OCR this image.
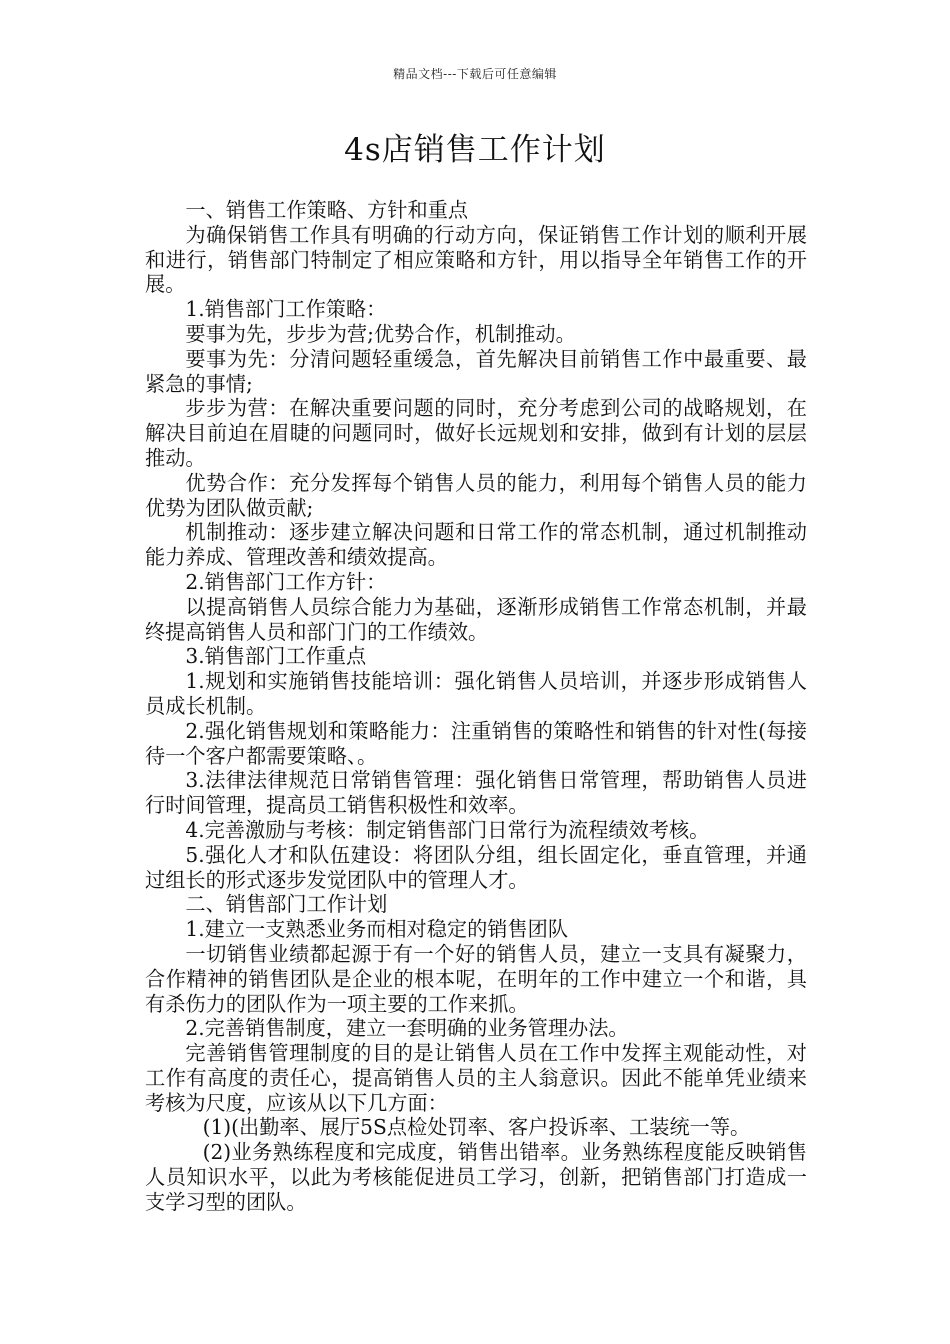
精品文档---下载后可任意编辑
4s店销售工作计划

一、销售工作策略、方针和重点

为确保销售工作具有明确的行动方向，保证销售工作计划的顺利开展和进行，销售部门特制定了相应策略和方针，用以指导全年销售工作的开展。

1.销售部门工作策略：

要事为先，步步为营;优势合作，机制推动。

要事为先：分清问题轻重缓急，首先解决目前销售工作中最重要、最紧急的事情;

步步为营：在解决重要问题的同时，充分考虑到公司的战略规划，在解决目前迫在眉睫的问题同时，做好长远规划和安排，做到有计划的层层推动。

优势合作：充分发挥每个销售人员的能力，利用每个销售人员的能力优势为团队做贡献;

机制推动：逐步建立解决问题和日常工作的常态机制，通过机制推动能力养成、管理改善和绩效提高。

2.销售部门工作方针：

以提高销售人员综合能力为基础，逐渐形成销售工作常态机制，并最终提高销售人员和部门门的工作绩效。

3.销售部门工作重点

1.规划和实施销售技能培训：强化销售人员培训，并逐步形成销售人员成长机制。

2.强化销售规划和策略能力：注重销售的策略性和销售的针对性(每接待一个客户都需要策略、。

3.法律法律规范日常销售管理：强化销售日常管理，帮助销售人员进行时间管理，提高员工销售积极性和效率。

4.完善激励与考核：制定销售部门日常行为流程绩效考核。

5.强化人才和队伍建设：将团队分组，组长固定化，垂直管理，并通过组长的形式逐步发觉团队中的管理人才。

二、销售部门工作计划

1.建立一支熟悉业务而相对稳定的销售团队

一切销售业绩都起源于有一个好的销售人员，建立一支具有凝聚力，合作精神的销售团队是企业的根本呢，在明年的工作中建立一个和谐，具有杀伤力的团队作为一项主要的工作来抓。

2.完善销售制度，建立一套明确的业务管理办法。

完善销售管理制度的目的是让销售人员在工作中发挥主观能动性，对工作有高度的责任心，提高销售人员的主人翁意识。因此不能单凭业绩来考核为尺度，应该从以下几方面：

(1)(出勤率、展厅5S点检处罚率、客户投诉率、工装统一等。

(2)业务熟练程度和完成度，销售出错率。业务熟练程度能反映销售人员知识水平，以此为考核能促进员工学习，创新，把销售部门打造成一支学习型的团队。
